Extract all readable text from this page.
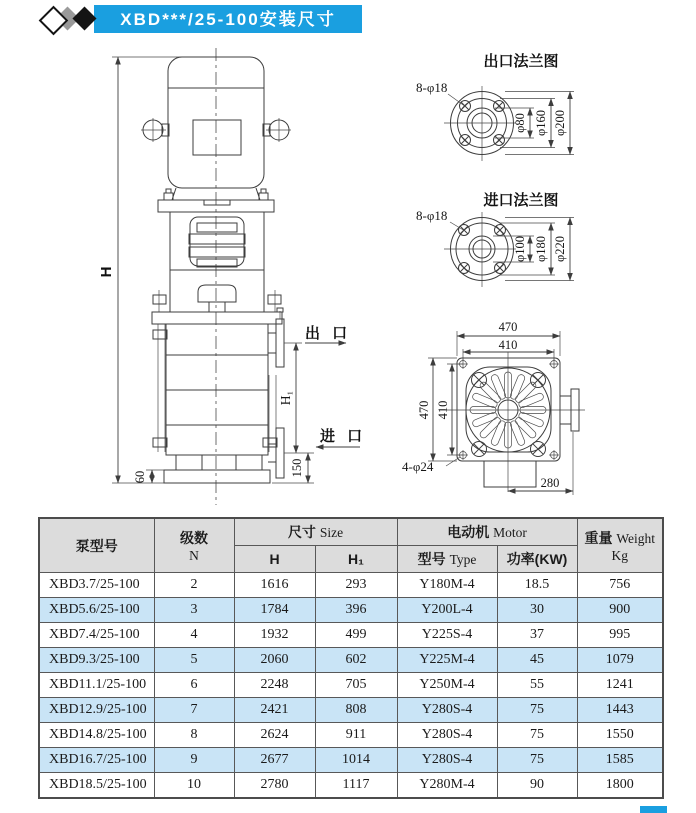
XBD***/25-100安装尺寸
H
出 口
H₁
进 口
150
60
出口法兰图
8-φ18
φ80 φ160 φ200
进口法兰图
8-φ18
φ100 φ180 φ220
470
410
470 410
4-φ24
280
泵型号	级数
N
	尺寸 Size	电动机 Motor	重量 Weight
Kg

		H	H₁	型号 Type	功率(KW)	
XBD3.7/25-100	2	1616	293	Y180M-4	18.5	756
XBD5.6/25-100	3	1784	396	Y200L-4	30	900
XBD7.4/25-100	4	1932	499	Y225S-4	37	995
XBD9.3/25-100	5	2060	602	Y225M-4	45	1079
XBD11.1/25-100	6	2248	705	Y250M-4	55	1241
XBD12.9/25-100	7	2421	808	Y280S-4	75	1443
XBD14.8/25-100	8	2624	911	Y280S-4	75	1550
XBD16.7/25-100	9	2677	1014	Y280S-4	75	1585
XBD18.5/25-100	10	2780	1117	Y280M-4	90	1800
